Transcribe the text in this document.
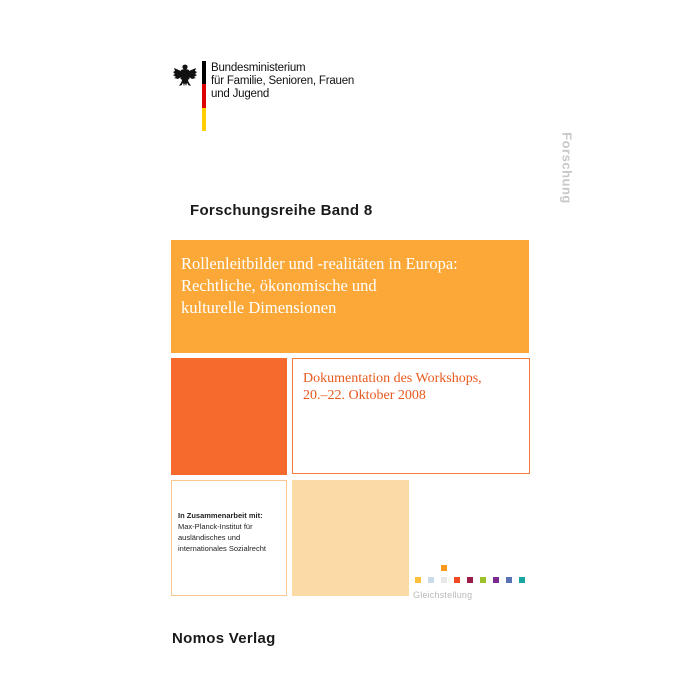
Bundesministerium
für Familie, Senioren, Frauen
und Jugend
Forschung
Forschungsreihe Band 8
Rollenleitbilder und -realitäten in Europa:
Rechtliche, ökonomische und
kulturelle Dimensionen
Dokumentation des Workshops,
20.–22. Oktober 2008
In Zusammenarbeit mit:
Max-Planck-Institut für
ausländisches und
internationales Sozialrecht
Gleichstellung
Nomos Verlag
